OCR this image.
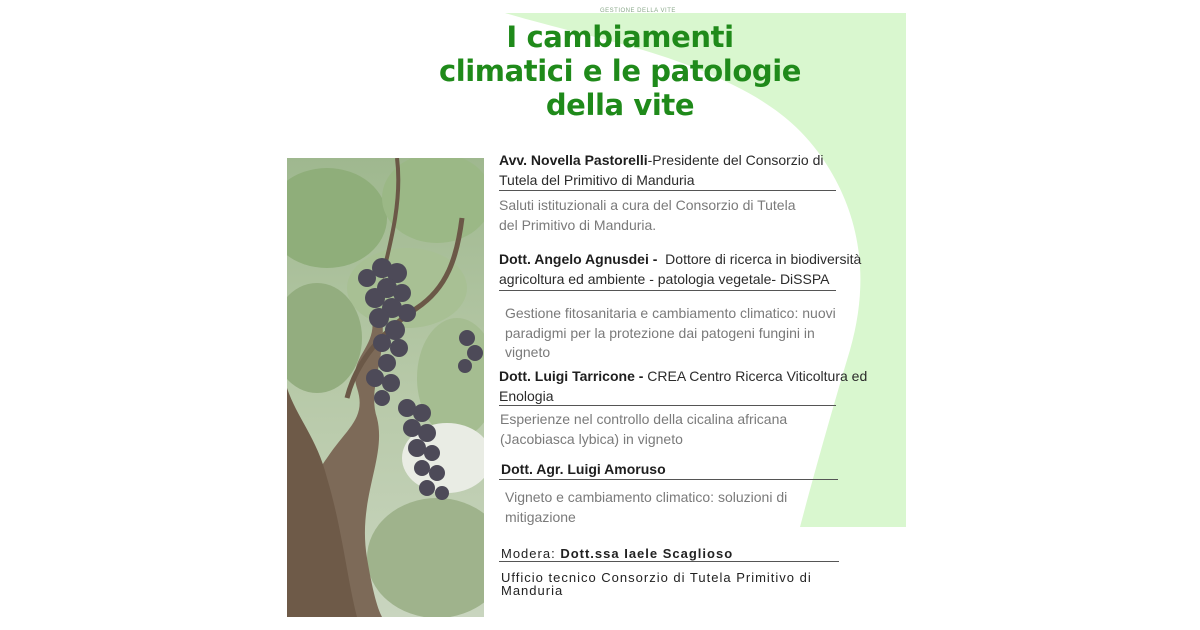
GESTIONE DELLA VITE
I cambiamenti
climatici e le patologie
della vite
Avv. Novella Pastorelli-Presidente del Consorzio di
Tutela del Primitivo di Manduria
Saluti istituzionali a cura del Consorzio di Tutela
del Primitivo di Manduria.
Dott. Angelo Agnusdei -  Dottore di ricerca in biodiversità
agricoltura ed ambiente - patologia vegetale- DiSSPA
Gestione fitosanitaria e cambiamento climatico: nuovi
paradigmi per la protezione dai patogeni fungini in
vigneto
Dott. Luigi Tarricone - CREA Centro Ricerca Viticoltura ed
Enologia
Esperienze nel controllo della cicalina africana
(Jacobiasca lybica) in vigneto
Dott. Agr. Luigi Amoruso
Vigneto e cambiamento climatico: soluzioni di
mitigazione
Modera: Dott.ssa Iaele Scaglioso
Ufficio tecnico Consorzio di Tutela Primitivo di
Manduria
